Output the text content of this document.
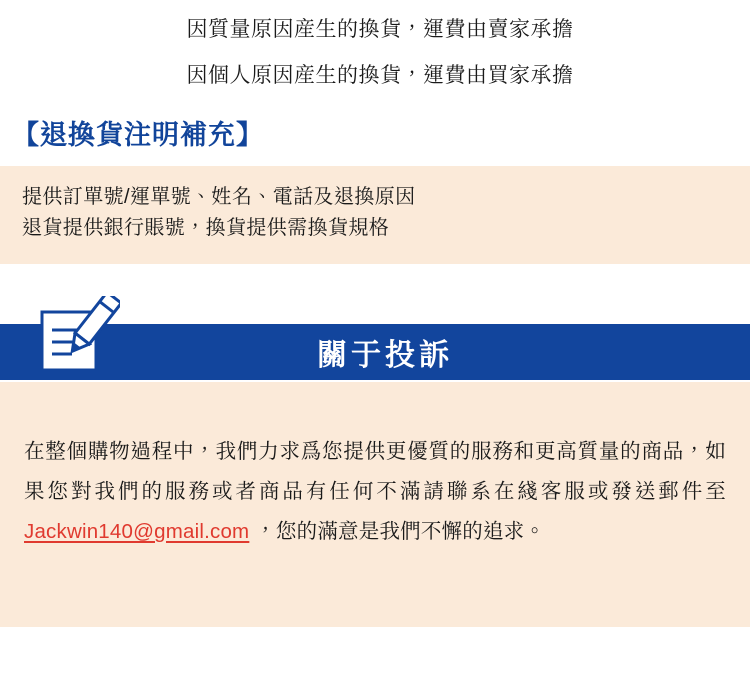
因質量原因産生的換貨，運費由賣家承擔

因個人原因産生的換貨，運費由買家承擔

【退換貨注明補充】
提供訂單號/運單號、姓名、電話及退換原因
退貨提供銀行賬號，換貨提供需換貨規格
關于投訴

在整個購物過程中，我們力求爲您提供更優質的服務和更高質量的商品，如果您對我們的服務或者商品有任何不滿請聯系在綫客服或發送郵件至 Jackwin140@gmail.com ，您的滿意是我們不懈的追求。
